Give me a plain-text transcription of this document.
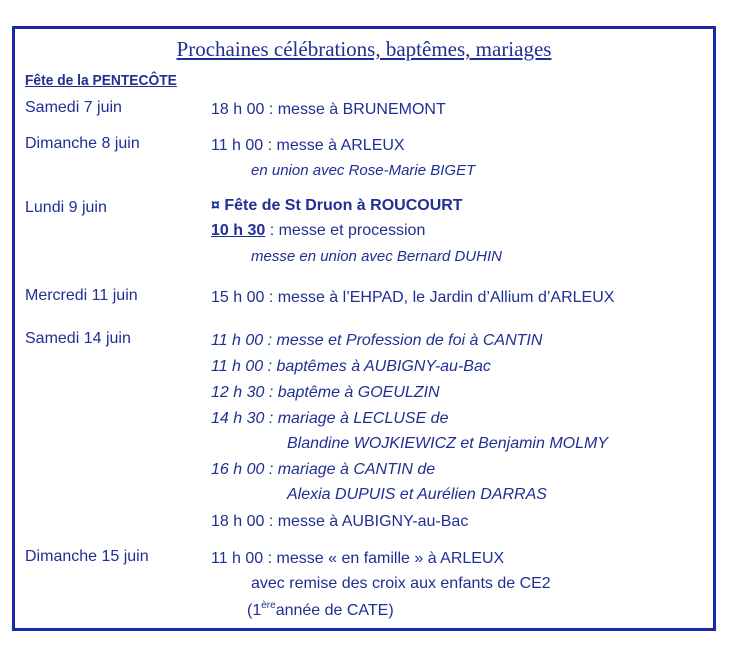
Prochaines célébrations, baptêmes, mariages
Fête de la PENTECÔTE
Samedi 7 juin	18 h 00 : messe à BRUNEMONT
Dimanche 8 juin	11 h 00 : messe à ARLEUX
en union avec Rose-Marie BIGET
Lundi 9 juin	¤ Fête de St Druon à ROUCOURT
10 h 30 : messe et procession
messe en union avec Bernard DUHIN
Mercredi 11 juin	15 h 00 : messe à l’EHPAD, le Jardin d’Allium d’ARLEUX
Samedi 14 juin	11 h 00 : messe et Profession de foi à CANTIN
11 h 00 : baptêmes à AUBIGNY-au-Bac
12 h 30 : baptême à GOEULZIN
14 h 30 : mariage à LECLUSE de
Blandine WOJKIEWICZ et Benjamin MOLMY
16 h 00 : mariage à CANTIN de
Alexia DUPUIS et Aurélien DARRAS
18 h 00 : messe à AUBIGNY-au-Bac
Dimanche 15 juin	11 h 00 : messe « en famille » à ARLEUX
avec remise des croix aux enfants de CE2
(1èreannée de CATE)
